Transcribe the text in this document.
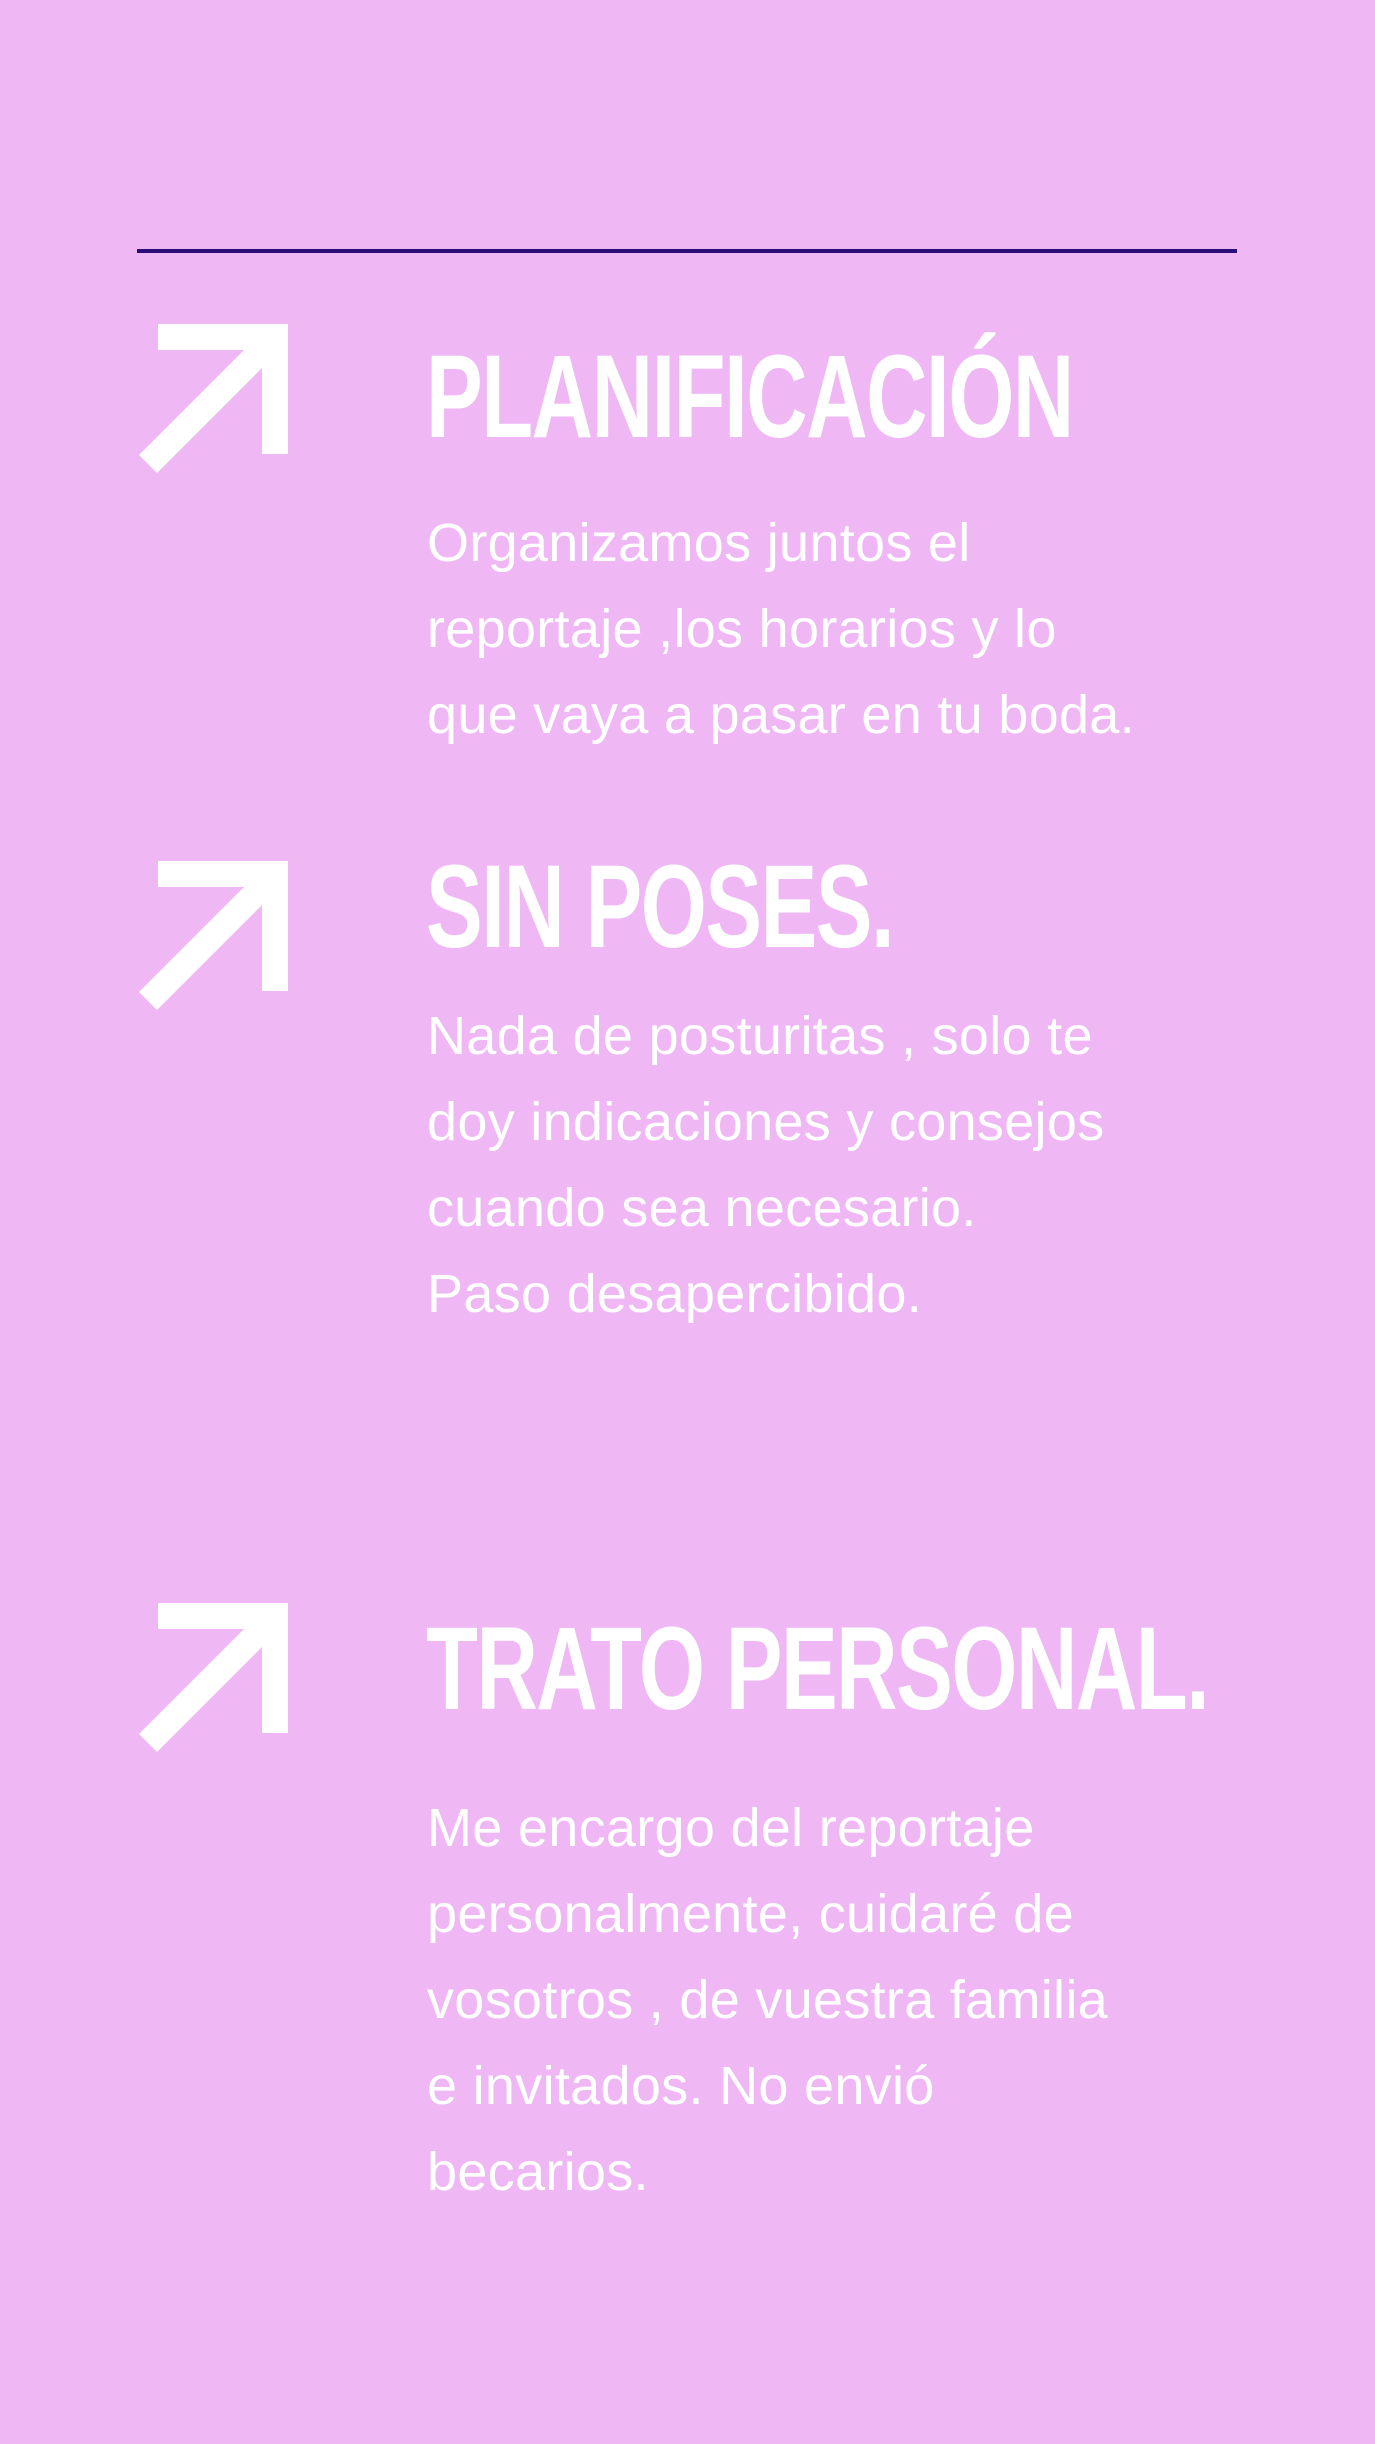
PLANIFICACIÓN

Organizamos juntos el
reportaje ,los horarios y lo
que vaya a pasar en tu boda.

SIN POSES.

Nada de posturitas , solo te
doy indicaciones y consejos
cuando sea necesario.
Paso desapercibido.

TRATO PERSONAL.

Me encargo del reportaje
personalmente, cuidaré de
vosotros , de vuestra familia
e invitados. No envió
becarios.
